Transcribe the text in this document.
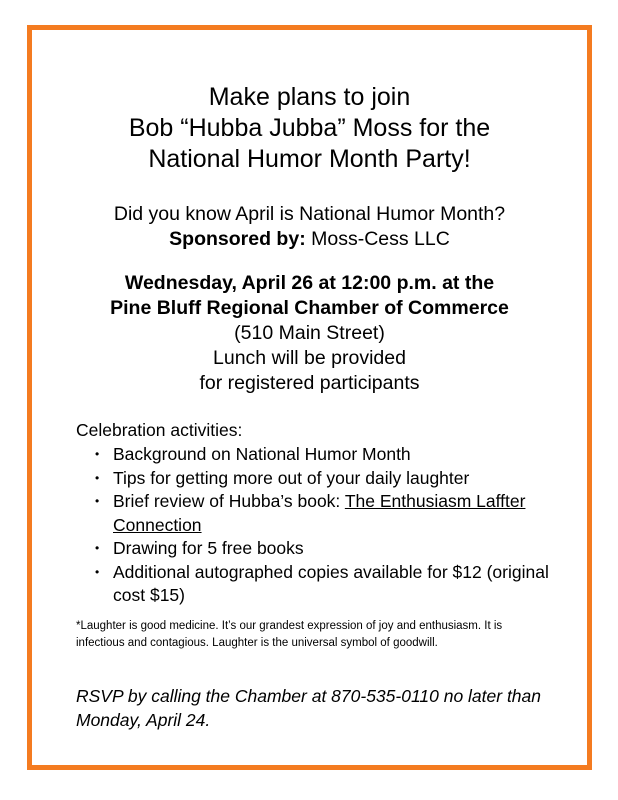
Make plans to join
Bob “Hubba Jubba” Moss for the
National Humor Month Party!
Did you know April is National Humor Month?
Sponsored by: Moss-Cess LLC
Wednesday, April 26 at 12:00 p.m. at the
Pine Bluff Regional Chamber of Commerce
(510 Main Street)
Lunch will be provided
for registered participants
Celebration activities:
• Background on National Humor Month
• Tips for getting more out of your daily laughter
• Brief review of Hubba’s book: The Enthusiasm Laffter Connection
• Drawing for 5 free books
• Additional autographed copies available for $12 (original cost $15)
*Laughter is good medicine. It’s our grandest expression of joy and enthusiasm. It is infectious and contagious. Laughter is the universal symbol of goodwill.
RSVP by calling the Chamber at 870-535-0110 no later than Monday, April 24.
